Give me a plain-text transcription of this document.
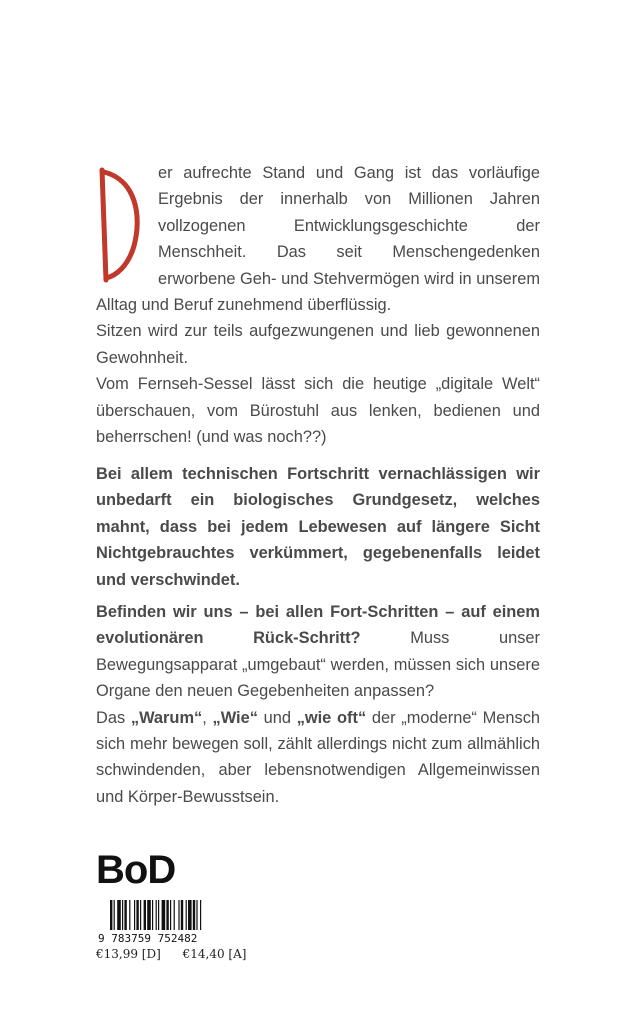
er aufrechte Stand und Gang ist das vorläufige Ergebnis der innerhalb von Millionen Jahren vollzogenen Entwicklungsgeschichte der Menschheit. Das seit Menschengedenken erworbene Geh- und Stehvermögen wird in unserem Alltag und Beruf zunehmend überflüssig.

Sitzen wird zur teils aufgezwungenen und lieb gewonnenen Gewohnheit.

Vom Fernseh-Sessel lässt sich die heutige „digitale Welt“ überschauen, vom Bürostuhl aus lenken, bedienen und beherrschen! (und was noch??)

Bei allem technischen Fortschritt vernachlässigen wir unbedarft ein biologisches Grundgesetz, welches mahnt, dass bei jedem Lebewesen auf längere Sicht Nichtgebrauchtes verkümmert, gegebenenfalls leidet und verschwindet.

Befinden wir uns – bei allen Fort-Schritten – auf einem evolutionären Rück-Schritt? Muss unser Bewegungsapparat „umgebaut“ werden, müssen sich unsere Organe den neuen Gegebenheiten anpassen?

Das „Warum“, „Wie“ und „wie oft“ der „moderne“ Mensch sich mehr bewegen soll, zählt allerdings nicht zum allmählich schwindenden, aber lebensnotwendigen Allgemeinwissen und Körper-Bewusstsein.

BoD
9 783759 752482
€13,99 [D] €14,40 [A]
